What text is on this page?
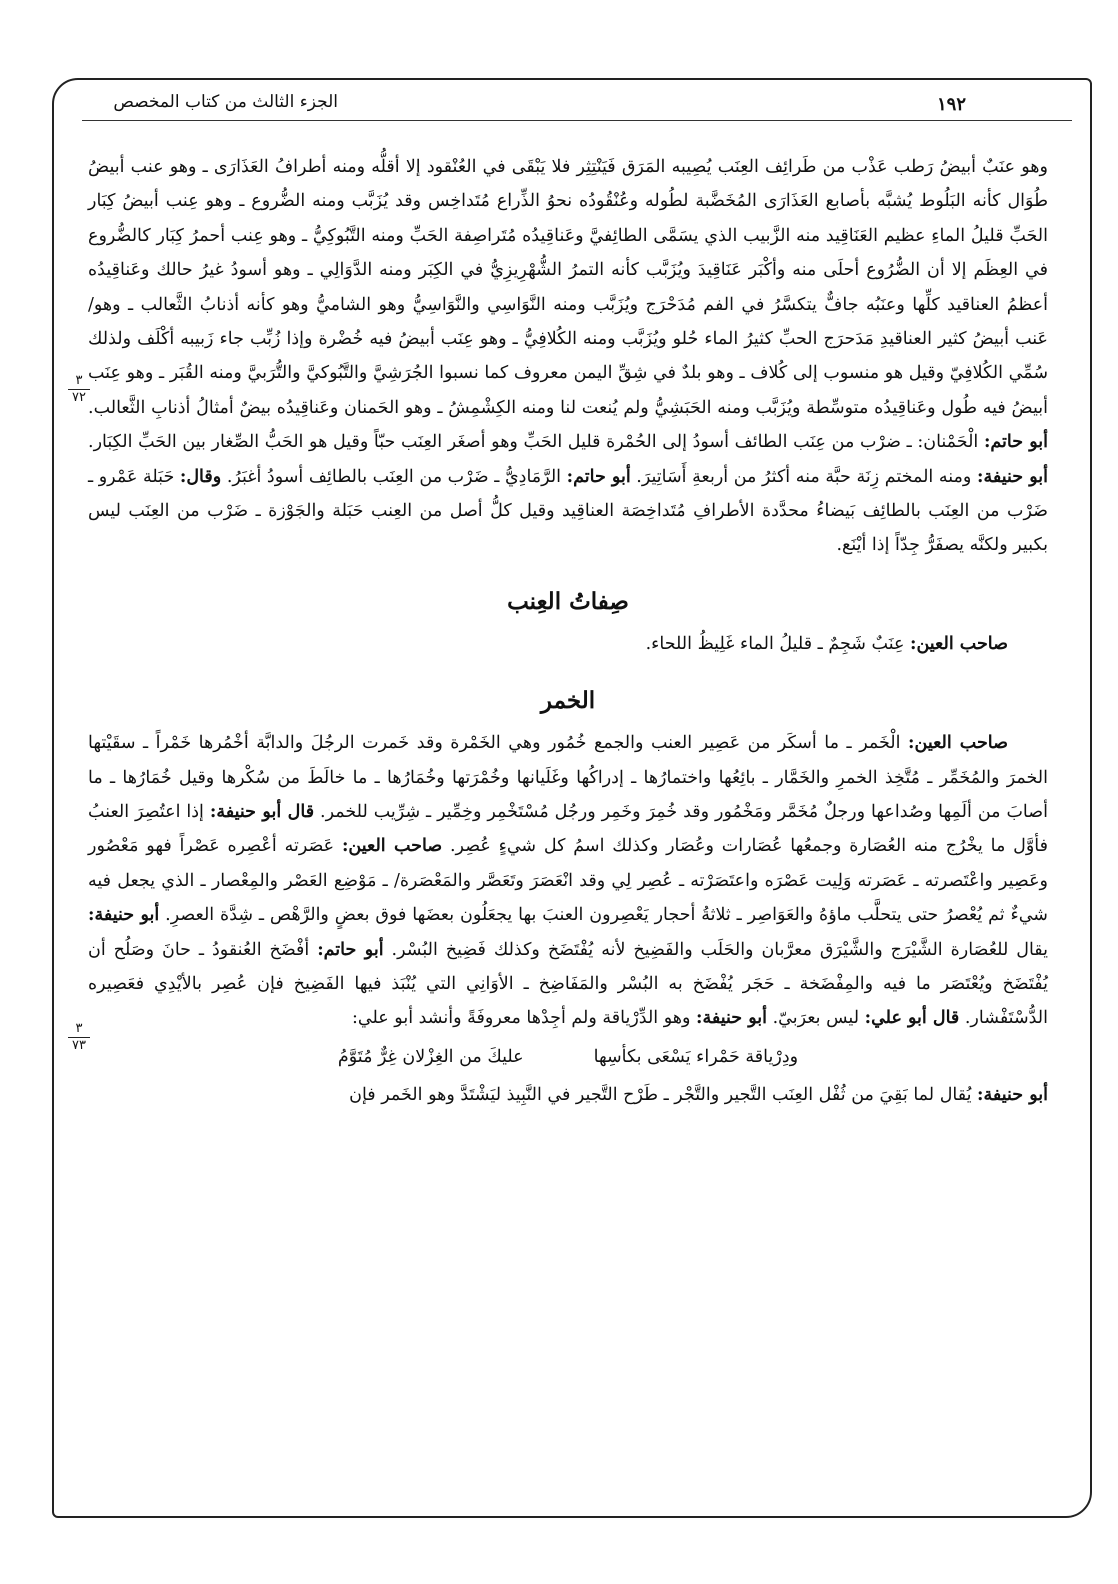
الجزء الثالث من كتاب المخصص	١٩٢
٣
٧٢
٣
٧٣

وهو عنَبٌ أبيضُ رَطب عَذْب من طَرائِف العِنَب يُصِيبه المَرَق فَيَنْتِثِر فلا يَبْقَى في العُنْقود إلا أقلُّه ومنه أطرافُ العَذَارَى ـ وهو عنب أبيضُ طُوَال كأنه البَلُوط يُشبَّه بأصابع العَذَارَى المُخَضَّبة لطُوله وعُنْقُودُه نحوُ الذِّراع مُتَداخِس وقد يُزَبَّب ومنه الضُّروع ـ وهو عِنب أبيضُ كِبَار الحَبِّ قليلُ الماءِ عظيم العَنَاقِيد منه الزَّبيب الذي يسَمَّى الطائِفيَّ وعَناقِيدُه مُتَراصِفة الحَبِّ ومنه التَّبُوكِيُّ ـ وهو عِنب أحمرُ كِبَار كالضُّروع في العِظَم إلا أن الضُّرُوع أحلَى منه وأكْبَر عَنَاقِيدَ ويُزَبَّب كأنه التمرُ الشُّهْرِيزِيُّ في الكِبَر ومنه الدَّوَالِي ـ وهو أسودُ غيرُ حالك وعَناقِيدُه أعظمُ العناقيد كلِّها وعنَبُه جافٌّ يتكسَّرُ في الفم مُدَحْرَج ويُزَبَّب ومنه النَّوَاسِي والنَّوَاسِيُّ وهو الشاميُّ وهو كأنه أذنابُ الثَّعالب ـ وهو/ عَنب أبيضُ كثير العناقيدِ مَدَحرَج الحبِّ كثيرُ الماء حُلو ويُزَبَّب ومنه الكُلافِيُّ ـ وهو عِنَب أبيضُ فيه خُضْرة وإذا زُبِّب جاء زَبيبه أكْلَف ولذلك سُمِّي الكُلافِيّ وقيل هو منسوب إلى كُلاف ـ وهو بلدٌ في شِقِّ اليمن معروف كما نسبوا الجُرَشِيَّ والتَّبُوكيَّ والتُّرَبيَّ ومنه القُبَر ـ وهو عِنَب أبيضُ فيه طُول وعَناقِيدُه متوسِّطة ويُزَبَّب ومنه الحَبَشِيُّ ولم يُنعت لنا ومنه الكِشْمِشُ ـ وهو الحَمنان وعَناقِيدُه بيضٌ أمثالُ أذنابِ الثَّعالب. أبو حاتم: الْحَمْنان: ـ ضرْب من عِنَب الطائف أسودُ إلى الحُمْرة قليل الحَبِّ وهو أصغَر العِنَب حبّاً وقيل هو الحَبُّ الصِّغار بين الحَبِّ الكِبَار. أبو حنيفة: ومنه المختم زِنَة حبَّة منه أكثرُ من أربعةِ أَسَاتِيرَ. أبو حاتم: الرَّمَادِيُّ ـ ضَرْب من العِنَب بالطائِف أسودُ أغبَرُ. وقال: حَبَلة عَمْرو ـ ضَرْب من العِنَب بالطائِف بَيضاءُ محدَّدة الأطرافِ مُتَداخِصَة العناقِيد وقيل كلُّ أصل من العِنب حَبَلة والجَوْزة ـ ضَرْب من العِنَب ليس بكبير ولكنَّه يصفَرُّ جِدّاً إذا أيْنَع.

صِفاتُ العِنب

صاحب العين: عِنَبٌ شَجِمٌ ـ قليلُ الماء غَلِيظُ اللحاء.

الخمر

صاحب العين: الْخَمر ـ ما أسكَر من عَصِير العنب والجمع خُمُور وهي الخَمْرة وقد خَمرت الرجُلَ والدابَّة أخْمُرها خَمْراً ـ سقَيْتها الخمرَ والمُخَمِّر ـ مُتَّخِذ الخمرِ والخَمَّار ـ بائِعُها واختمارُها ـ إدراكُها وغَلَيانها وخُمْرَتها وخُمَارُها ـ ما خالَطَ من سُكْرها وقيل خُمَارُها ـ ما أصابَ من ألَمِها وصُداعها ورجلٌ مُخَمَّر ومَخْمُور وقد خُمِرَ وخَمِر ورجُل مُسْتَخْمِر وخِمِّير ـ شِرِّيب للخمر. قال أبو حنيفة: إذا اعتُصِرَ العنبُ فأوَّل ما يخْرُج منه العُصَارة وجمعُها عُصَارات وعُصَار وكذلك اسمُ كل شيءٍ عُصِر. صاحب العين: عَصَرته أعْصِره عَصْراً فهو مَعْصُور وعَصِير واعْتَصرته ـ عَصَرته وَلِيت عَصْرَه واعتَصَرْته ـ عُصِر لِي وقد انْعَصَرَ وتَعَصَّر والمَعْصَرة/ ـ مَوْضِع العَصْر والمِعْصار ـ الذي يجعل فيه شيءٌ ثم يُعْصرُ حتى يتحلَّب ماؤهُ والعَوَاصِر ـ ثلاثةُ أحجار يَعْصِرون العنبَ بها يجعَلُون بعضَها فوق بعضٍ والرَّهْص ـ شِدَّة العصرِ. أبو حنيفة: يقال للعُصَارة الشَّيْرَج والشَّيْرَق معرَّبان والحَلَب والفَضِيخ لأنه يُفْتَضَخ وكذلك فَضِيخ البُسْر. أبو حاتم: أفْضَخ العُنقودُ ـ حانَ وصَلُح أن يُفْتَضَخ ويُعْتَصَر ما فيه والمِفْضَخة ـ حَجَر يُفْضَخ به البُسْر والمَفَاضِخ ـ الأوَانِي التي يُنْبَذ فيها الفَضِيخ فإن عُصِر بالأيْدِي فعَصِيره الدُّسْتَفْشار. قال أبو علي: ليس بعرَبيّ. أبو حنيفة: وهو الدِّرْياقة ولم أجِدْها معروفَةً وأنشد أبو علي:

ودِرْياقة حَمْراء يَسْعَى بكأسِها
عليكَ من الغِزْلان غِرٌّ مُتَوَّمُ

أبو حنيفة: يُقال لما بَقِيَ من ثُفْل العِنَب التَّجير والتَّجْر ـ طَرْح التَّجير في النَّبِيذ ليَشْتَدَّ وهو الخَمر فإن
